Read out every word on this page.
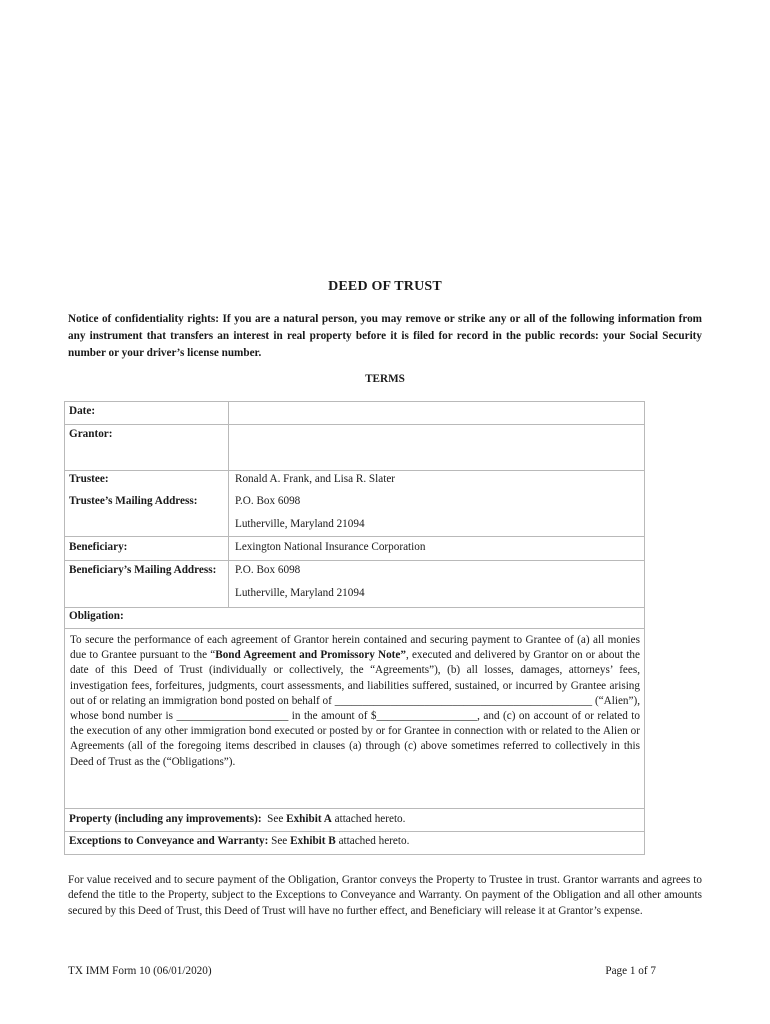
DEED OF TRUST
Notice of confidentiality rights: If you are a natural person, you may remove or strike any or all of the following information from any instrument that transfers an interest in real property before it is filed for record in the public records: your Social Security number or your driver’s license number.
TERMS
Date:
Grantor:
Trustee:	Ronald A. Frank, and Lisa R. Slater
Trustee’s Mailing Address:	P.O. Box 6098
Lutherville, Maryland 21094
Beneficiary:	Lexington National Insurance Corporation
Beneficiary’s Mailing Address: P.O. Box 6098
Lutherville, Maryland 21094
Obligation:
To secure the performance of each agreement of Grantor herein contained and securing payment to Grantee of (a) all monies due to Grantee pursuant to the “Bond Agreement and Promissory Note”, executed and delivered by Grantor on or about the date of this Deed of Trust (individually or collectively, the “Agreements”), (b) all losses, damages, attorneys’ fees, investigation fees, forfeitures, judgments, court assessments, and liabilities suffered, sustained, or incurred by Grantee arising out of or relating an immigration bond posted on behalf of ______________________________________________ (“Alien”), whose bond number is ____________________ in the amount of $__________________, and (c) on account of or related to the execution of any other immigration bond executed or posted by or for Grantee in connection with or related to the Alien or Agreements (all of the foregoing items described in clauses (a) through (c) above sometimes referred to collectively in this Deed of Trust as the (“Obligations”).
Property (including any improvements): See Exhibit A attached hereto.
Exceptions to Conveyance and Warranty: See Exhibit B attached hereto.
For value received and to secure payment of the Obligation, Grantor conveys the Property to Trustee in trust. Grantor warrants and agrees to defend the title to the Property, subject to the Exceptions to Conveyance and Warranty. On payment of the Obligation and all other amounts secured by this Deed of Trust, this Deed of Trust will have no further effect, and Beneficiary will release it at Grantor’s expense.
TX IMM Form 10 (06/01/2020)	Page 1 of 7
